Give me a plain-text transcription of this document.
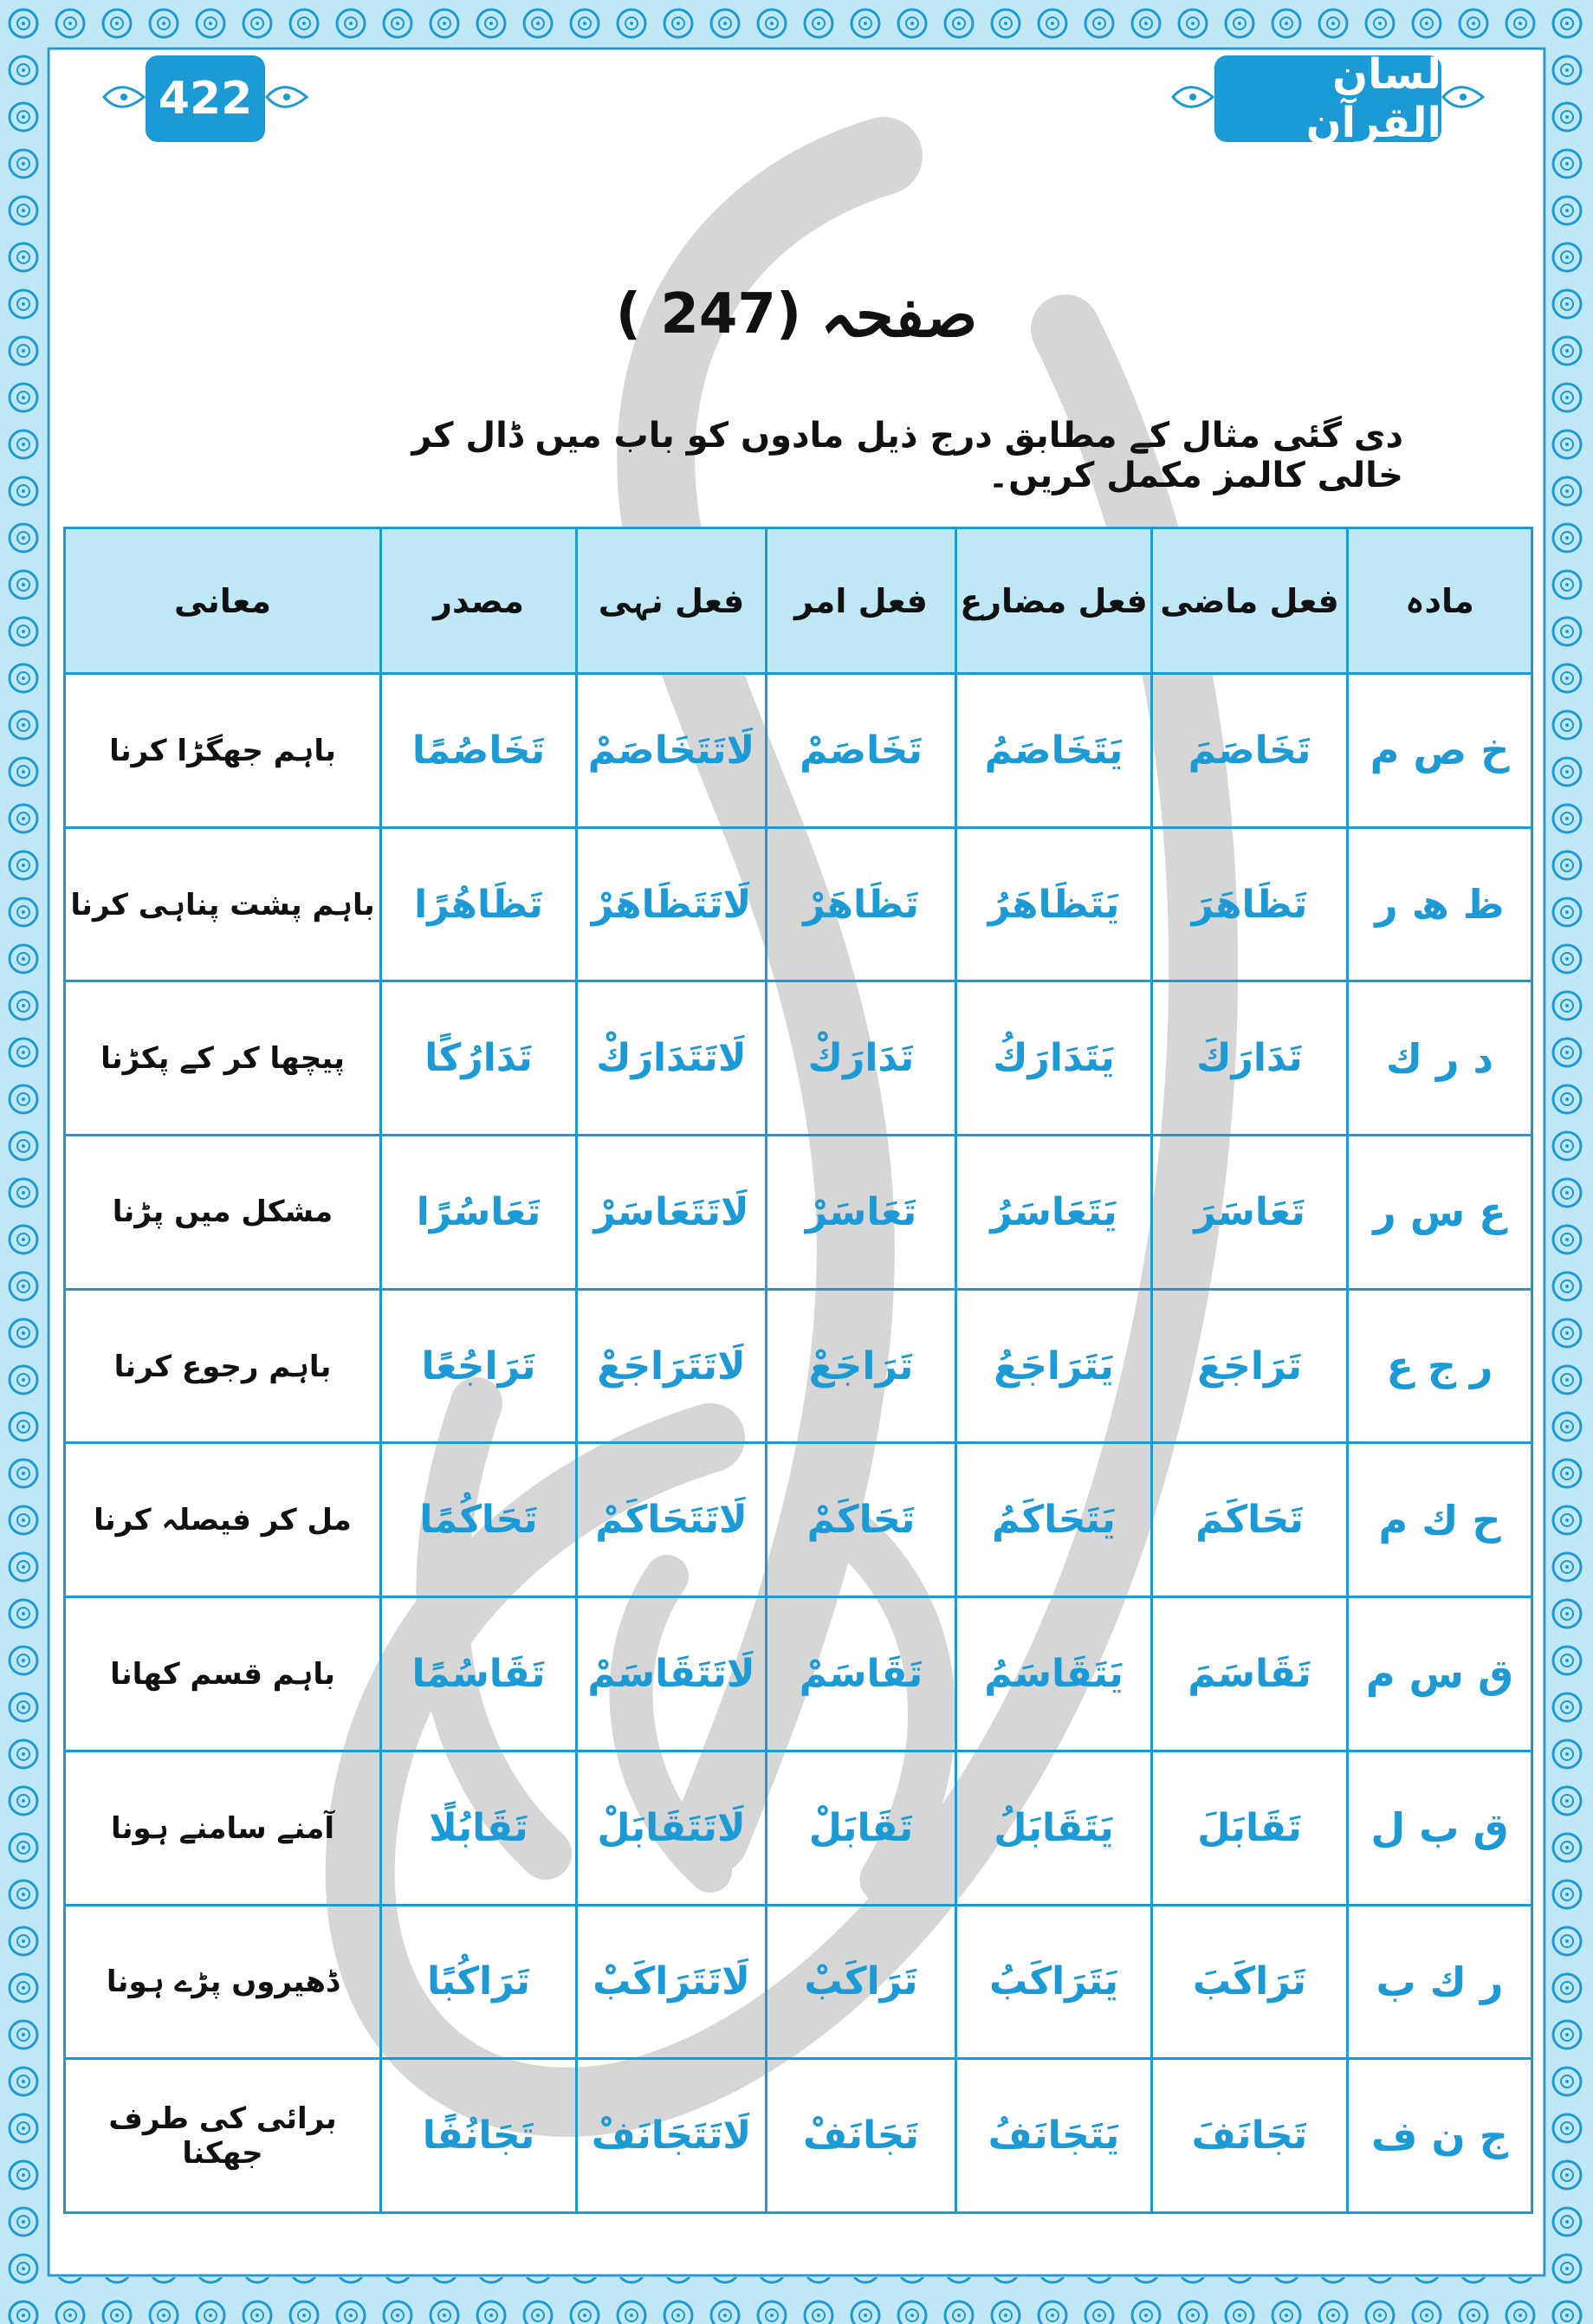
422	لسان القرآن
صفحہ
( 247)
دی گئی مثال کے مطابق درج ذیل مادوں کو باب میں ڈال کر خالی کالمز مکمل کریں۔
مادہ	فعل ماضی	فعل مضارع	فعل امر	فعل نہی	مصدر	معانی
خ ص م	تَخَاصَمَ	يَتَخَاصَمُ	تَخَاصَمْ	لَاتَتَخَاصَمْ	تَخَاصُمًا	باہم جھگڑا کرنا
ظ ھ ر	تَظَاهَرَ	يَتَظَاهَرُ	تَظَاهَرْ	لَاتَتَظَاهَرْ	تَظَاهُرًا	باہم پشت پناہی کرنا
د ر ك	تَدَارَكَ	يَتَدَارَكُ	تَدَارَكْ	لَاتَتَدَارَكْ	تَدَارُكًا	پیچھا کر کے پکڑنا
ع س ر	تَعَاسَرَ	يَتَعَاسَرُ	تَعَاسَرْ	لَاتَتَعَاسَرْ	تَعَاسُرًا	مشکل میں پڑنا
ر ج ع	تَرَاجَعَ	يَتَرَاجَعُ	تَرَاجَعْ	لَاتَتَرَاجَعْ	تَرَاجُعًا	باہم رجوع کرنا
ح ك م	تَحَاكَمَ	يَتَحَاكَمُ	تَحَاكَمْ	لَاتَتَحَاكَمْ	تَحَاكُمًا	مل کر فیصلہ کرنا
ق س م	تَقَاسَمَ	يَتَقَاسَمُ	تَقَاسَمْ	لَاتَتَقَاسَمْ	تَقَاسُمًا	باہم قسم کھانا
ق ب ل	تَقَابَلَ	يَتَقَابَلُ	تَقَابَلْ	لَاتَتَقَابَلْ	تَقَابُلًا	آمنے سامنے ہونا
ر ك ب	تَرَاكَبَ	يَتَرَاكَبُ	تَرَاكَبْ	لَاتَتَرَاكَبْ	تَرَاكُبًا	ڈھیروں پڑے ہونا
ج ن ف	تَجَانَفَ	يَتَجَانَفُ	تَجَانَفْ	لَاتَتَجَانَفْ	تَجَانُفًا	برائی کی طرف جھکنا
